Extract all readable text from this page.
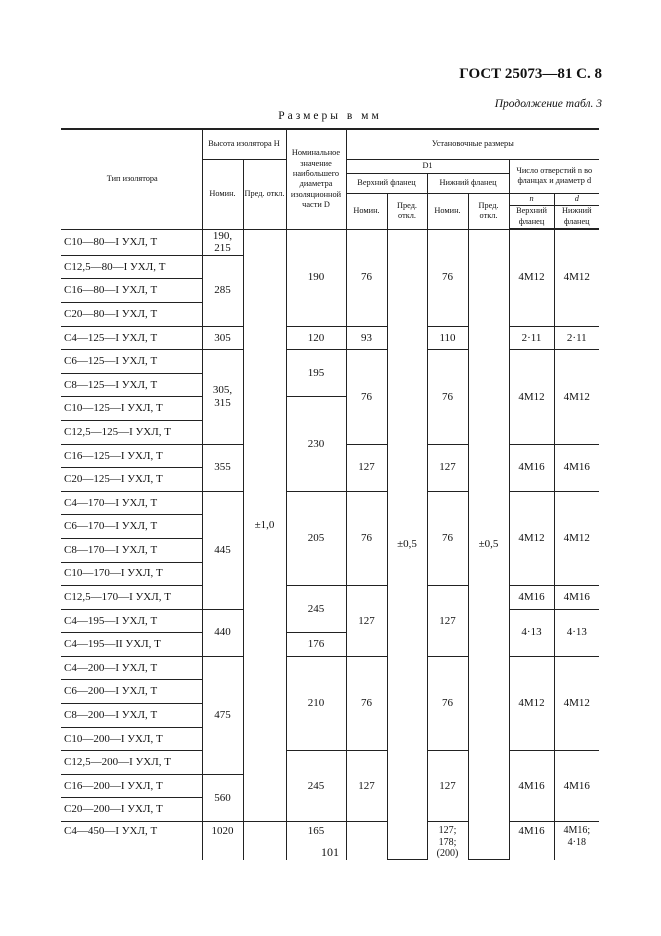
ГОСТ 25073—81 С. 8
Продолжение табл. 3
Размеры в мм
Тип изолятора	Высота изолятора H		Номинальное значение наибольшего диаметра изоляционной части D	Установочные размеры					
	Номин.	Пред. откл.		D1				Число отверстий n во фланцах и диаметр d	
				Верхний фланец		Нижний фланец			
				Номин.	Пред. откл.	Номин.	Пред. откл.	n	d
								Верхний фланец	Нижний фланец
С10—80—I УХЛ, Т	190, 215	±1,0	190	76	±0,5	76	±0,5	4М12	4М12
С12,5—80—I УХЛ, Т	285								
С16—80—I УХЛ, Т									
С20—80—I УХЛ, Т									
С4—125—I УХЛ, Т	305		120	93		110		2·11	2·11
С6—125—I УХЛ, Т	305, 315		195	76		76		4М12	4М12
С8—125—I УХЛ, Т									
С10—125—I УХЛ, Т			230						
С12,5—125—I УХЛ, Т									
С16—125—I УХЛ, Т	355			127		127		4М16	4М16
С20—125—I УХЛ, Т									
С4—170—I УХЛ, Т	445		205	76		76		4М12	4М12
С6—170—I УХЛ, Т									
С8—170—I УХЛ, Т									
С10—170—I УХЛ, Т									
С12,5—170—I УХЛ, Т			245	127		127		4М16	4М16
С4—195—I УХЛ, Т	440							4·13	4·13
С4—195—II УХЛ, Т			176						
С4—200—I УХЛ, Т	475		210	76		76		4М12	4М12
С6—200—I УХЛ, Т									
С8—200—I УХЛ, Т									
С10—200—I УХЛ, Т									
С12,5—200—I УХЛ, Т			245	127		127		4М16	4М16
С16—200—I УХЛ, Т	560								
С20—200—I УХЛ, Т									
С4—450—I УХЛ, Т	1020		165			127; 178; (200)		4М16	4М16; 4·18
101
